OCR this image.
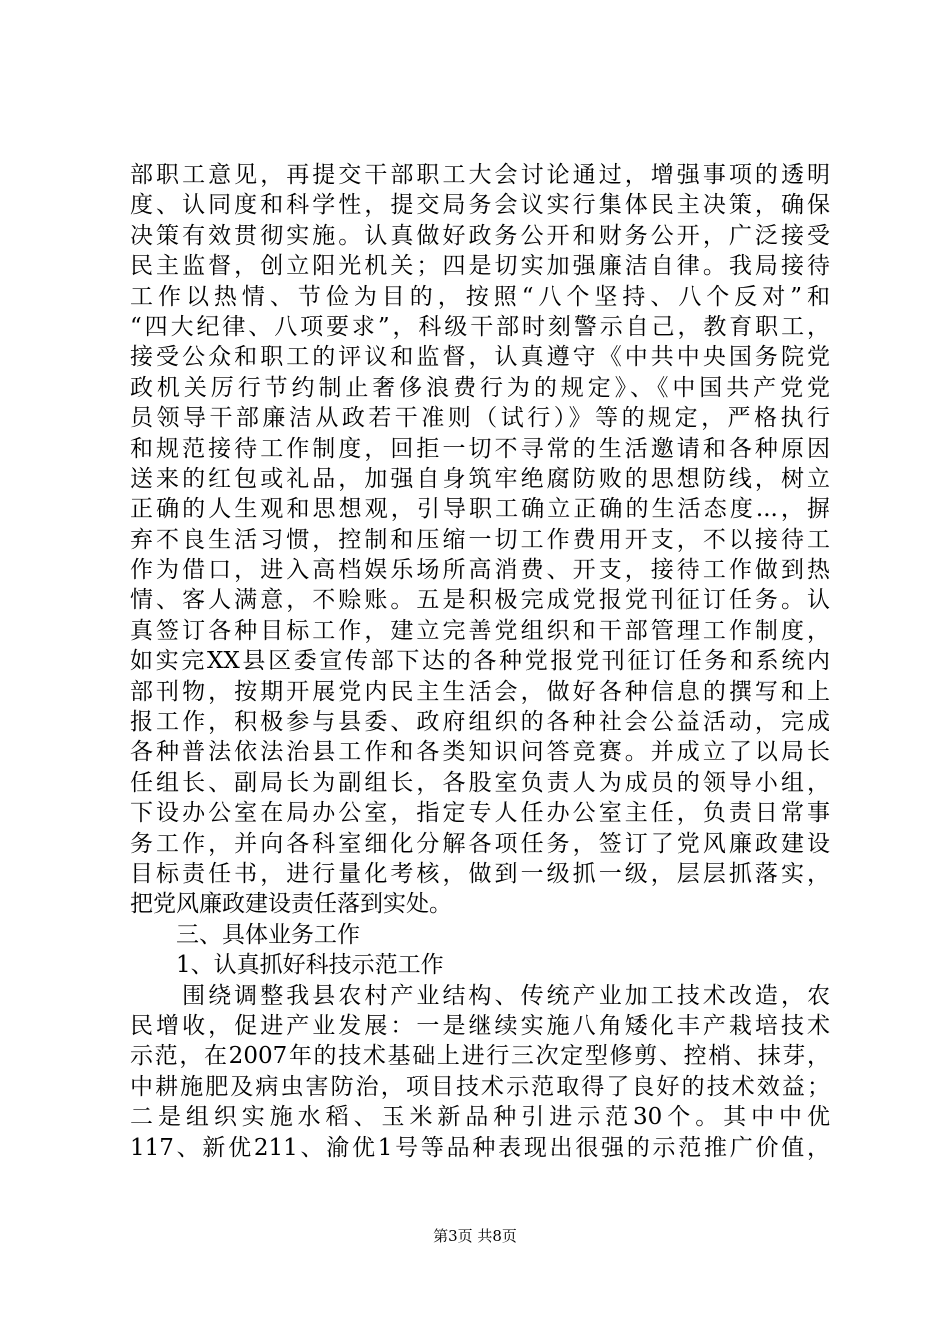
部职工意见，再提交干部职工大会讨论通过，增强事项的透明
度、认同度和科学性，提交局务会议实行集体民主决策，确保
决策有效贯彻实施。认真做好政务公开和财务公开，广泛接受
民主监督，创立阳光机关；四是切实加强廉洁自律。我局接待
工作以热情、节俭为目的，按照“八个坚持、八个反对”和
“四大纪律、八项要求”，科级干部时刻警示自己，教育职工，
接受公众和职工的评议和监督，认真遵守《中共中央国务院党
政机关厉行节约制止奢侈浪费行为的规定》、《中国共产党党
员领导干部廉洁从政若干准则（试行）》等的规定，严格执行
和规范接待工作制度，回拒一切不寻常的生活邀请和各种原因
送来的红包或礼品，加强自身筑牢绝腐防败的思想防线，树立
正确的人生观和思想观，引导职工确立正确的生活态度...，摒
弃不良生活习惯，控制和压缩一切工作费用开支，不以接待工
作为借口，进入高档娱乐场所高消费、开支，接待工作做到热
情、客人满意，不赊账。五是积极完成党报党刊征订任务。认
真签订各种目标工作，建立完善党组织和干部管理工作制度，
如实完XX县区委宣传部下达的各种党报党刊征订任务和系统内
部刊物，按期开展党内民主生活会，做好各种信息的撰写和上
报工作，积极参与县委、政府组织的各种社会公益活动，完成
各种普法依法治县工作和各类知识问答竞赛。并成立了以局长
任组长、副局长为副组长，各股室负责人为成员的领导小组，
下设办公室在局办公室，指定专人任办公室主任，负责日常事
务工作，并向各科室细化分解各项任务，签订了党风廉政建设
目标责任书，进行量化考核，做到一级抓一级，层层抓落实，
把党风廉政建设责任落到实处。
　　三、具体业务工作
　　1、认真抓好科技示范工作
　　围绕调整我县农村产业结构、传统产业加工技术改造，农
民增收，促进产业发展：一是继续实施八角矮化丰产栽培技术
示范，在2007年的技术基础上进行三次定型修剪、控梢、抹芽，
中耕施肥及病虫害防治，项目技术示范取得了良好的技术效益；
二是组织实施水稻、玉米新品种引进示范30个。其中中优
117、新优211、渝优1号等品种表现出很强的示范推广价值，
第3页 共8页
